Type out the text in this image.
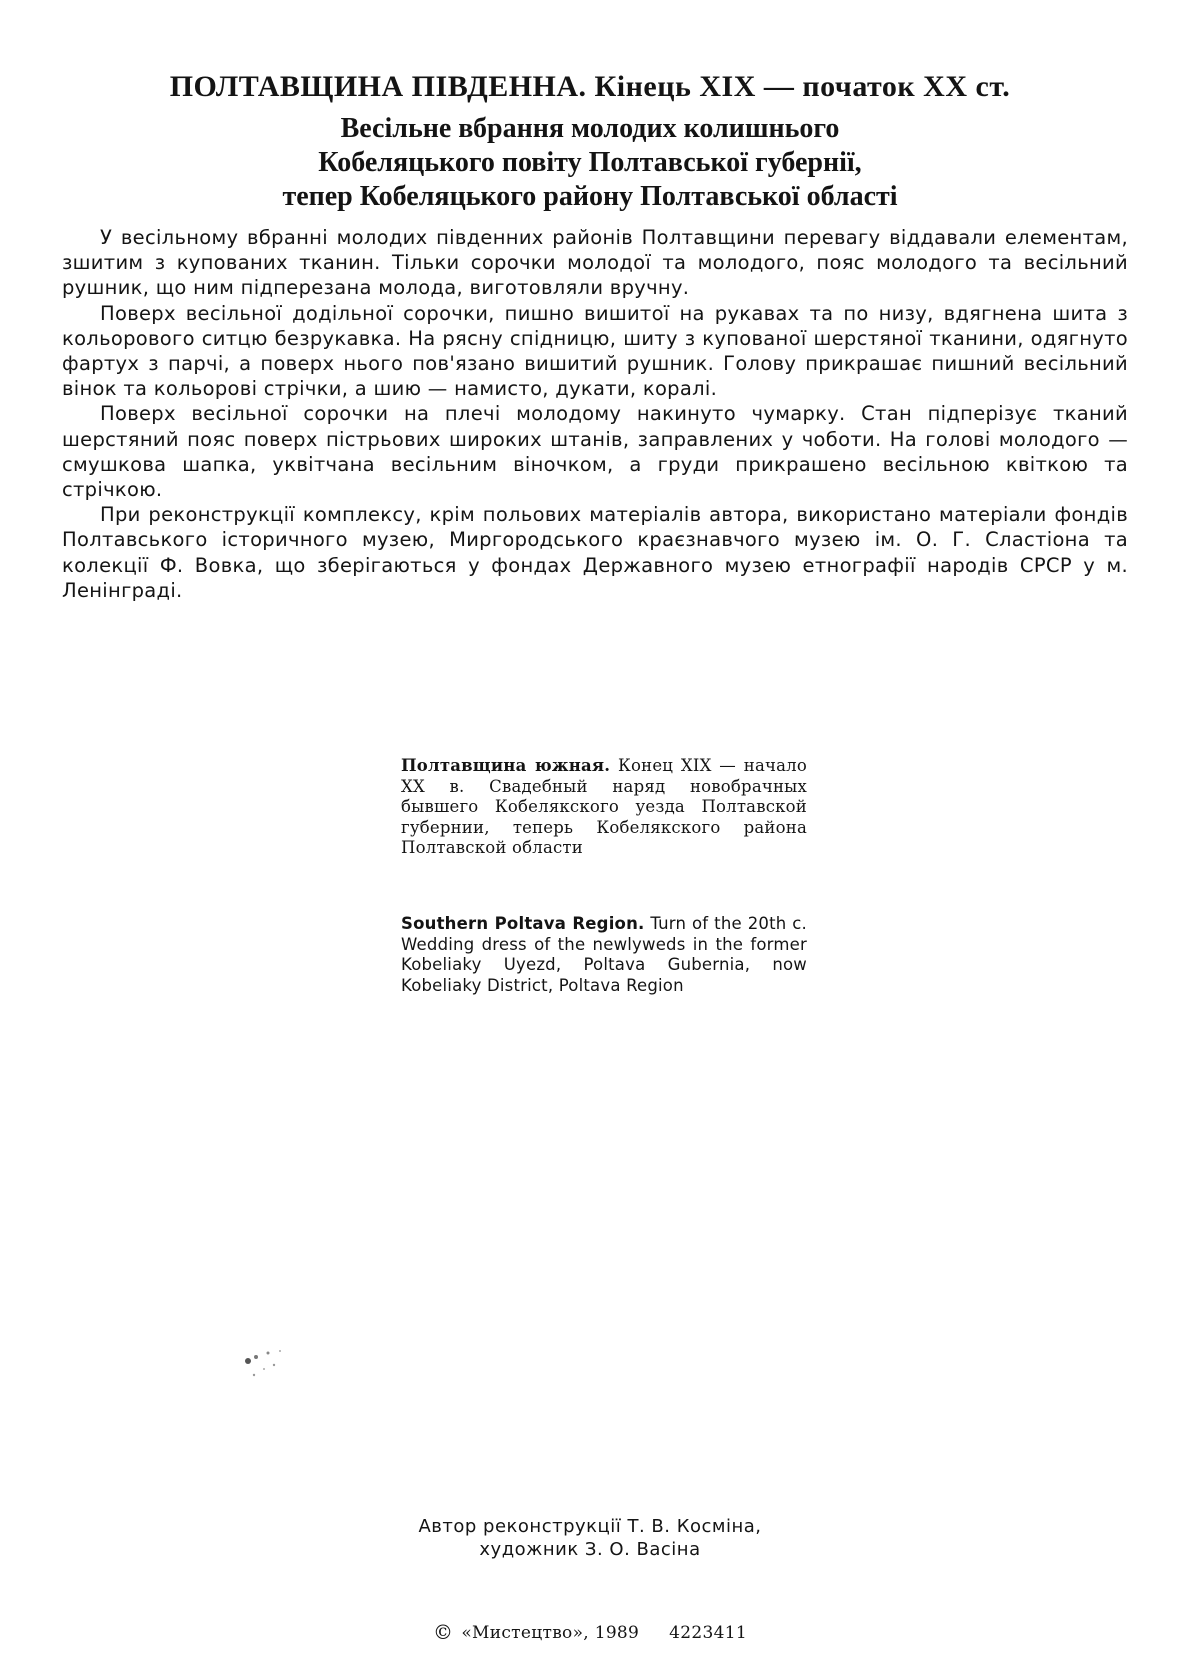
ПОЛТАВЩИНА ПІВДЕННА. Кінець XIX — початок XX ст.
Весільне вбрання молодих колишнього
Кобеляцького повіту Полтавської губернії,
тепер Кобеляцького району Полтавської області

У весільному вбранні молодих південних районів Полтавщини перевагу віддавали елементам, зшитим з купованих тканин. Тільки сорочки молодої та молодого, пояс молодого та весільний рушник, що ним підперезана молода, виготовляли вручну.

Поверх весільної додільної сорочки, пишно вишитої на рукавах та по низу, вдягнена шита з кольорового ситцю безрукавка. На рясну спідницю, шиту з купованої шерстяної тканини, одягнуто фартух з парчі, а поверх нього пов'язано вишитий рушник. Голову прикрашає пишний весільний вінок та кольорові стрічки, а шию — намисто, дукати, коралі.

Поверх весільної сорочки на плечі молодому накинуто чумарку. Стан підперізує тканий шерстяний пояс поверх пістрьових широких штанів, заправлених у чоботи. На голові молодого — смушкова шапка, уквітчана весільним віночком, а груди прикрашено весільною квіткою та стрічкою.

При реконструкції комплексу, крім польових матеріалів автора, використано матеріали фондів Полтавського історичного музею, Миргородського краєзнавчого музею ім. О. Г. Сластіона та колекції Ф. Вовка, що зберігаються у фондах Державного музею етнографії народів СРСР у м. Ленінграді.

Полтавщина южная. Конец XIX — начало XX в. Свадебный наряд новобрачных бывшего Кобелякского уезда Полтавской губернии, теперь Кобелякского района Полтавской области
Southern Poltava Region. Turn of the 20th c. Wedding dress of the newlyweds in the former Kobeliaky Uyezd, Poltava Gubernia, now Kobeliaky District, Poltava Region
Автор реконструкції Т. В. Косміна,
художник З. О. Васіна
© «Мистецтво», 1989 4223411
